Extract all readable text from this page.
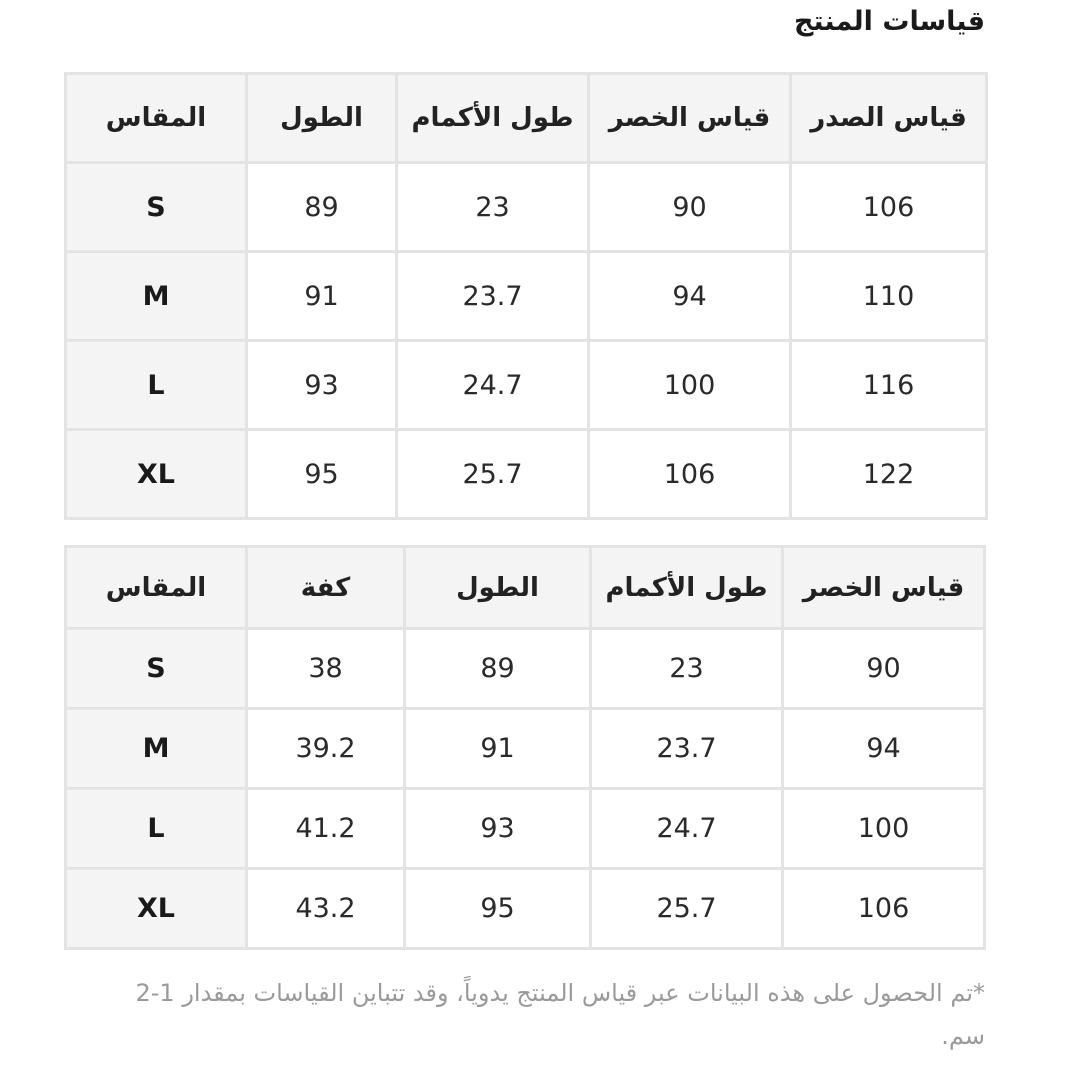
قياسات المنتج
المقاس	الطول	طول الأكمام	قياس الخصر	قياس الصدر
S	89	23	90	106
M	91	23.7	94	110
L	93	24.7	100	116
XL	95	25.7	106	122
المقاس	كفة	الطول	طول الأكمام	قياس الخصر
S	38	89	23	90
M	39.2	91	23.7	94
L	41.2	93	24.7	100
XL	43.2	95	25.7	106
*تم الحصول على هذه البيانات عبر قياس المنتج يدوياً، وقد تتباين القياسات بمقدار 1-2 سم.
